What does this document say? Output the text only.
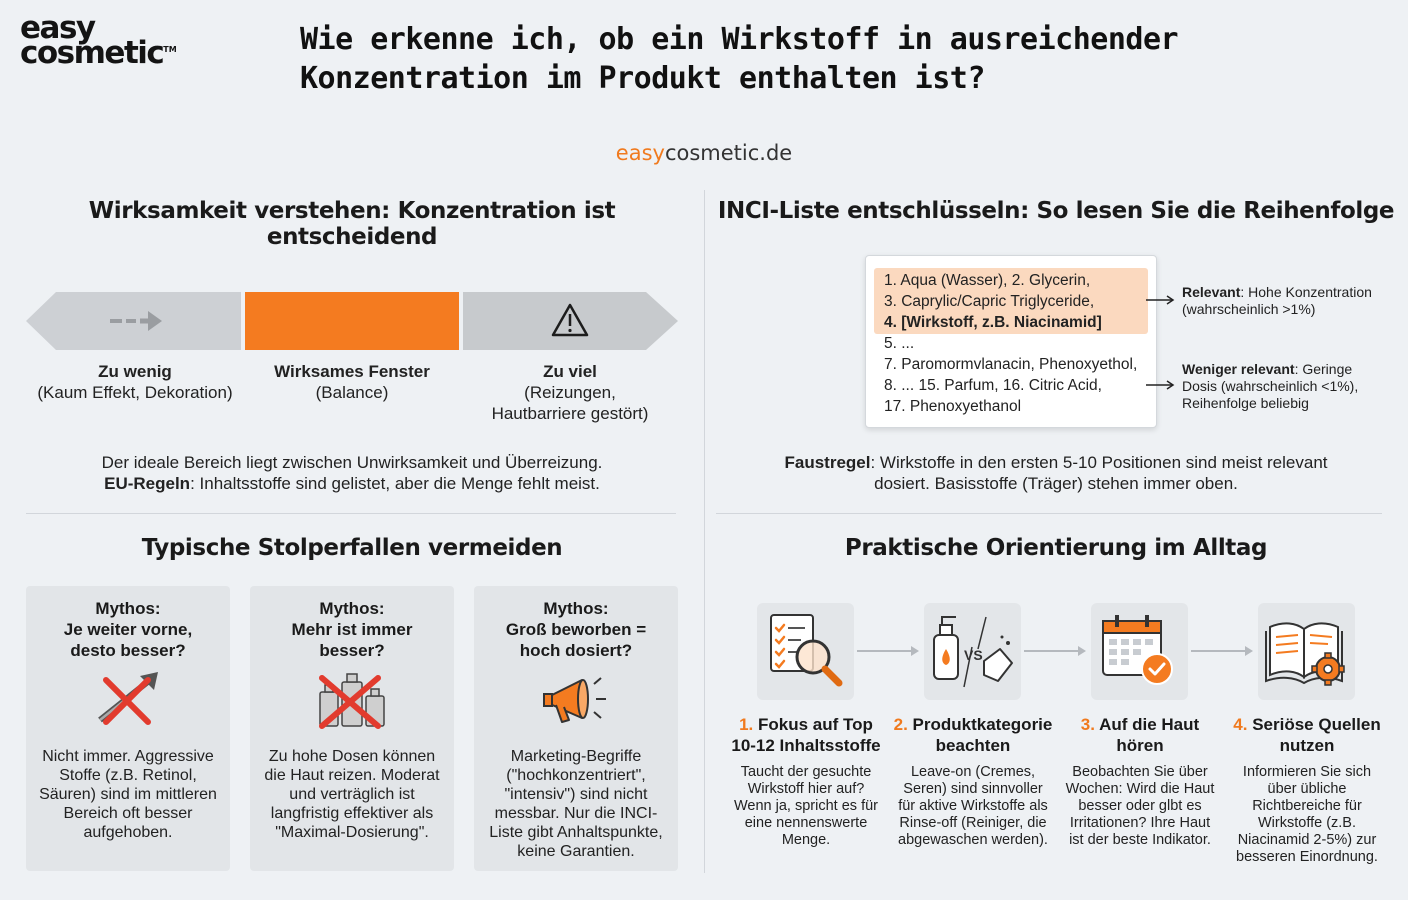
easy
cosmetic™	Wie erkenne ich, ob ein Wirkstoff in ausreichender
Konzentration im Produkt enthalten ist?
easycosmetic.de
Wirksamkeit verstehen: Konzentration ist entscheidend
Zu wenig
(Kaum Effekt, Dekoration)
Wirksames Fenster
(Balance)
Zu viel
(Reizungen,
Hautbarriere gestört)
Der ideale Bereich liegt zwischen Unwirksamkeit und Überreizung.
EU-Regeln: Inhaltsstoffe sind gelistet, aber die Menge fehlt meist.
INCI-Liste entschlüsseln: So lesen Sie die Reihenfolge
1. Aqua (Wasser), 2. Glycerin,
3. Caprylic/Capric Triglyceride,
4. [Wirkstoff, z.B. Niacinamid]
5. ...
7. Paromormvlanaсіn, Phenoxyethol,
8. ... 15. Parfum, 16. Citric Acid,
17. Phenoxyethanol
Relevant: Hohe Konzentration
(wahrscheinlich >1%)
Weniger relevant: Geringe
Dosis (wahrscheinlich <1%),
Reihenfolge beliebig
Faustregel: Wirkstoffe in den ersten 5-10 Positionen sind meist relevant
dosiert. Basisstoffe (Träger) stehen immer oben.
Typische Stolperfallen vermeiden
Mythos:
Je weiter vorne,
desto besser?
Nicht immer. Aggressive
Stoffe (z.B. Retinol,
Säuren) sind im mittleren
Bereich oft besser
aufgehoben.
Mythos:
Mehr ist immer
besser?
Zu hohe Dosen können
die Haut reizen. Moderat
und verträglich ist
langfristig effektiver als
"Maximal-Dosierung".
Mythos:
Groß beworben =
hoch dosiert?
Marketing-Begriffe
("hochkonzentriert",
"intensiv") sind nicht
messbar. Nur die INCI-
Liste gibt Anhaltspunkte,
keine Garantien.
Praktische Orientierung im Alltag
VS
1. Fokus auf Top
10-12 Inhaltsstoffe
Taucht der gesuchte
Wirkstoff hier auf?
Wenn ja, spricht es für
eine nennenswerte
Menge.
2. Produktkategorie
beachten
Leave-on (Cremes,
Seren) sind sinnvoller
für aktive Wirkstoffe als
Rinse-off (Reiniger, die
abgewaschen werden).
3. Auf die Haut
hören
Beobachten Sie über
Wochen: Wird die Haut
besser oder glbt es
Irritationen? Ihre Haut
ist der beste Indikator.
4. Seriöse Quellen
nutzen
Informieren Sie sich
über übliche
Richtbereiche für
Wirkstoffe (z.B.
Niacinamid 2-5%) zur
besseren Einordnung.
